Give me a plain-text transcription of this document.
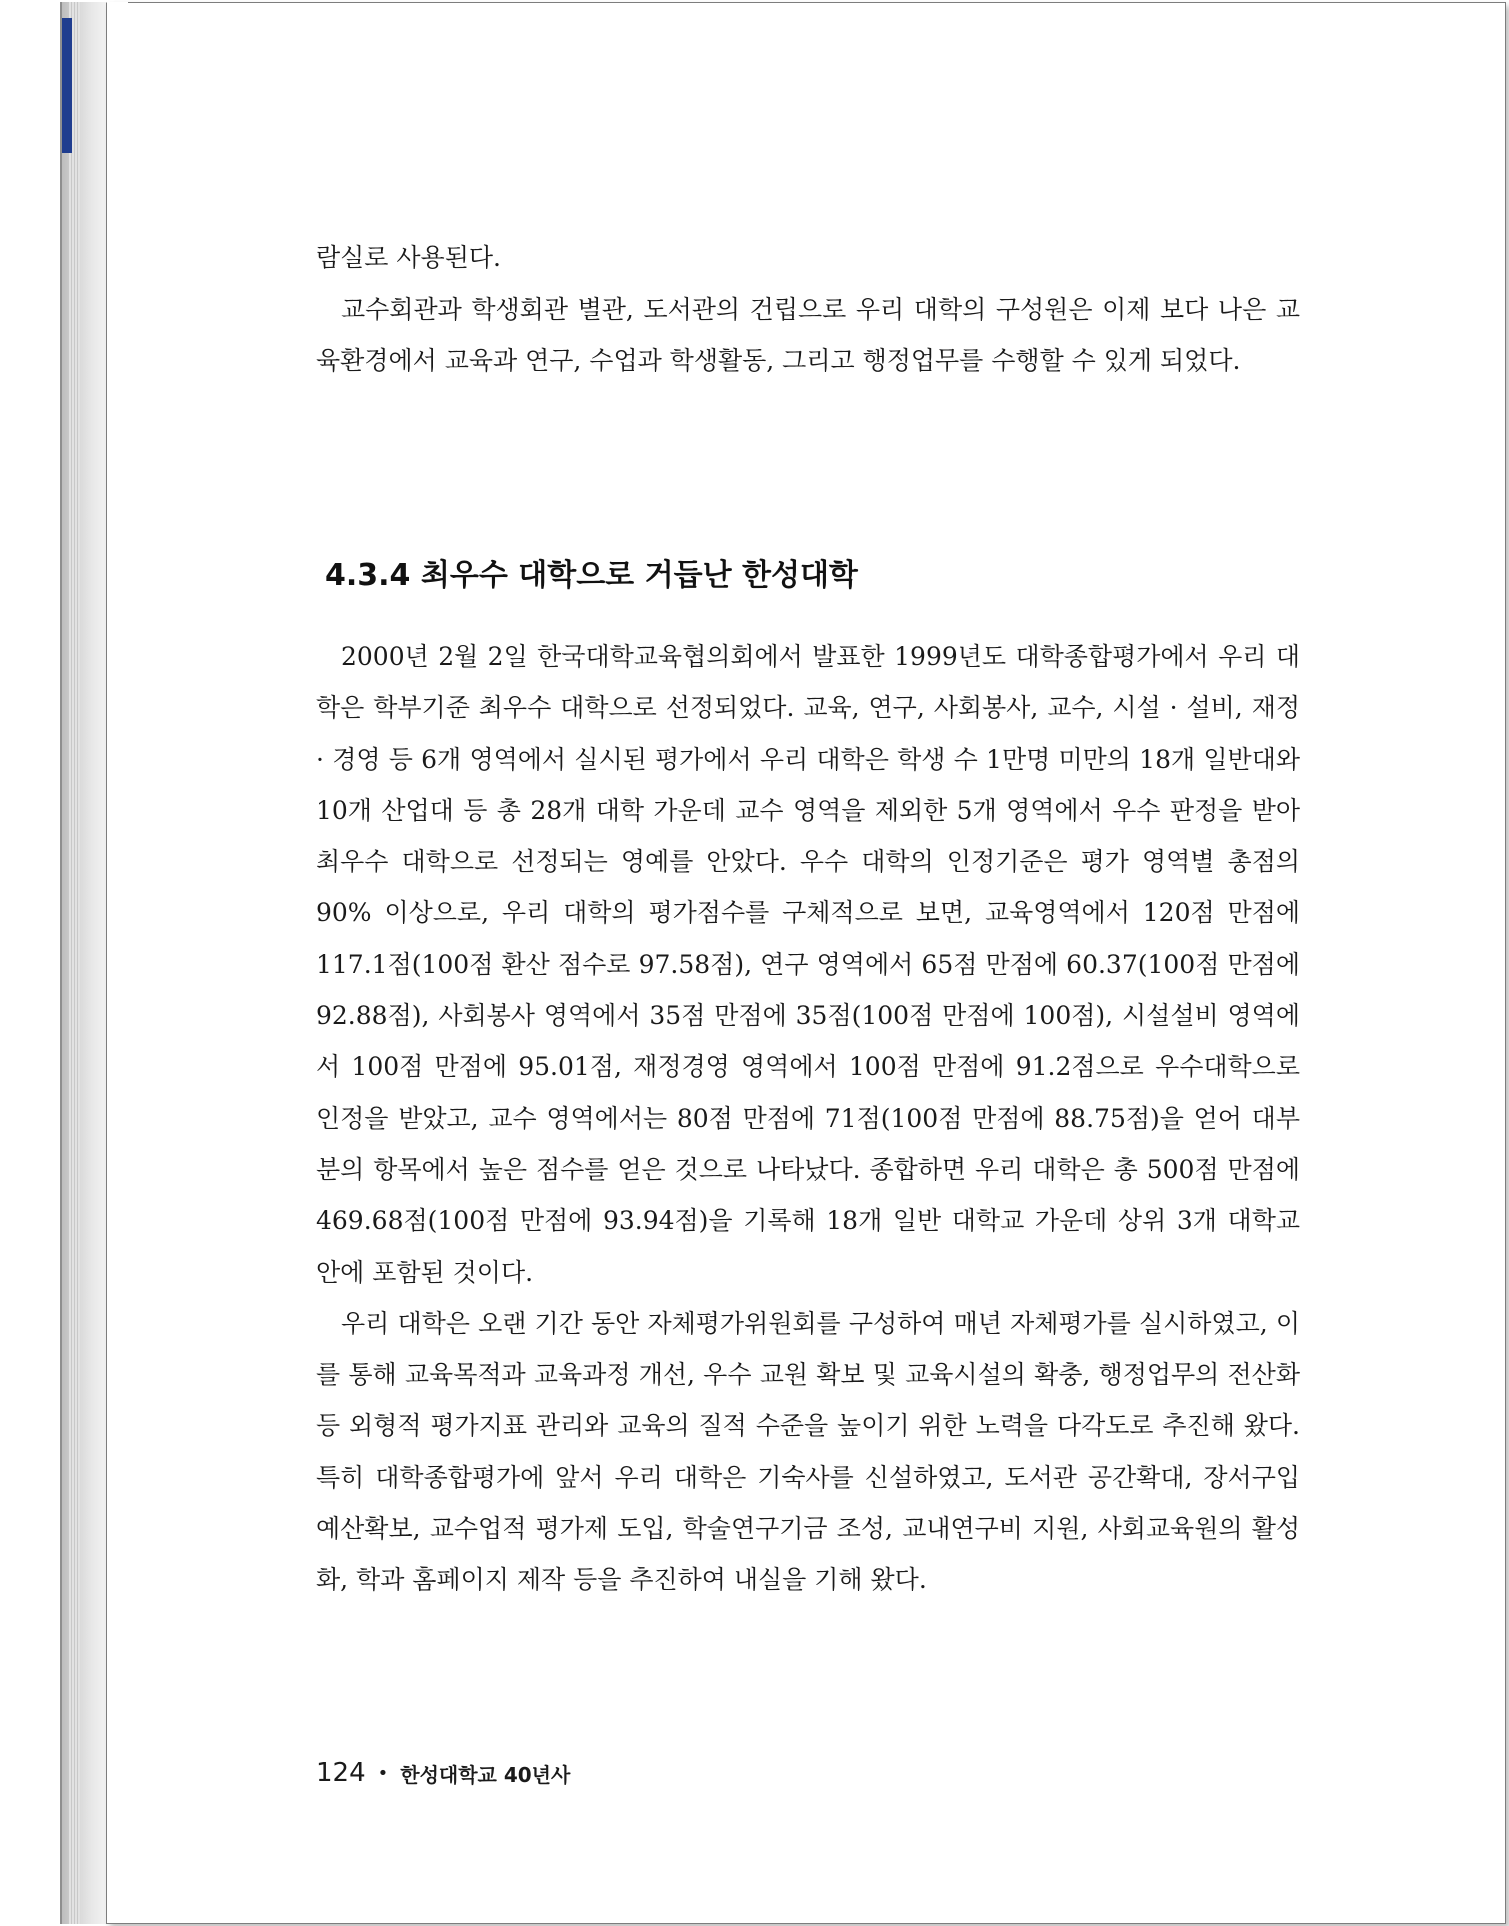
람실로 사용된다.

교수회관과 학생회관 별관, 도서관의 건립으로 우리 대학의 구성원은 이제 보다 나은 교육환경에서 교육과 연구, 수업과 학생활동, 그리고 행정업무를 수행할 수 있게 되었다.

4.3.4 최우수 대학으로 거듭난 한성대학

2000년 2월 2일 한국대학교육협의회에서 발표한 1999년도 대학종합평가에서 우리 대학은 학부기준 최우수 대학으로 선정되었다. 교육, 연구, 사회봉사, 교수, 시설 · 설비, 재정 · 경영 등 6개 영역에서 실시된 평가에서 우리 대학은 학생 수 1만명 미만의 18개 일반대와 10개 산업대 등 총 28개 대학 가운데 교수 영역을 제외한 5개 영역에서 우수 판정을 받아 최우수 대학으로 선정되는 영예를 안았다. 우수 대학의 인정기준은 평가 영역별 총점의 90% 이상으로, 우리 대학의 평가점수를 구체적으로 보면, 교육영역에서 120점 만점에 117.1점(100점 환산 점수로 97.58점), 연구 영역에서 65점 만점에 60.37(100점 만점에 92.88점), 사회봉사 영역에서 35점 만점에 35점(100점 만점에 100점), 시설설비 영역에서 100점 만점에 95.01점, 재정경영 영역에서 100점 만점에 91.2점으로 우수대학으로 인정을 받았고, 교수 영역에서는 80점 만점에 71점(100점 만점에 88.75점)을 얻어 대부분의 항목에서 높은 점수를 얻은 것으로 나타났다. 종합하면 우리 대학은 총 500점 만점에 469.68점(100점 만점에 93.94점)을 기록해 18개 일반 대학교 가운데 상위 3개 대학교 안에 포함된 것이다.

우리 대학은 오랜 기간 동안 자체평가위원회를 구성하여 매년 자체평가를 실시하였고, 이를 통해 교육목적과 교육과정 개선, 우수 교원 확보 및 교육시설의 확충, 행정업무의 전산화 등 외형적 평가지표 관리와 교육의 질적 수준을 높이기 위한 노력을 다각도로 추진해 왔다. 특히 대학종합평가에 앞서 우리 대학은 기숙사를 신설하였고, 도서관 공간확대, 장서구입 예산확보, 교수업적 평가제 도입, 학술연구기금 조성, 교내연구비 지원, 사회교육원의 활성화, 학과 홈페이지 제작 등을 추진하여 내실을 기해 왔다.

124 • 한성대학교 40년사
